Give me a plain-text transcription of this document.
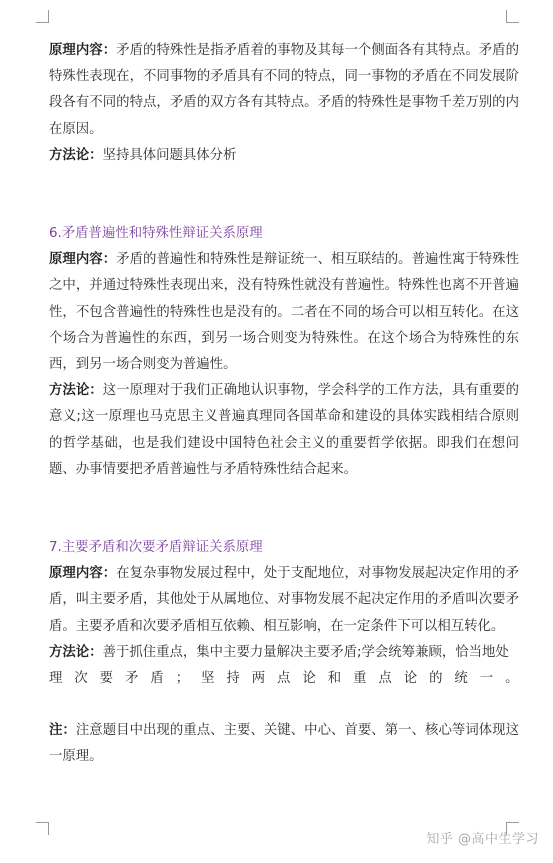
原理内容：矛盾的特殊性是指矛盾着的事物及其每一个侧面各有其特点。矛盾的特殊性表现在，不同事物的矛盾具有不同的特点，同一事物的矛盾在不同发展阶段各有不同的特点，矛盾的双方各有其特点。矛盾的特殊性是事物千差万别的内在原因。

方法论：坚持具体问题具体分析

6.矛盾普遍性和特殊性辩证关系原理

原理内容：矛盾的普遍性和特殊性是辩证统一、相互联结的。普遍性寓于特殊性之中，并通过特殊性表现出来，没有特殊性就没有普遍性。特殊性也离不开普遍性，不包含普遍性的特殊性也是没有的。二者在不同的场合可以相互转化。在这个场合为普遍性的东西，到另一场合则变为特殊性。在这个场合为特殊性的东西，到另一场合则变为普遍性。

方法论：这一原理对于我们正确地认识事物，学会科学的工作方法，具有重要的意义;这一原理也马克思主义普遍真理同各国革命和建设的具体实践相结合原则的哲学基础，也是我们建设中国特色社会主义的重要哲学依据。即我们在想问题、办事情要把矛盾普遍性与矛盾特殊性结合起来。

7.主要矛盾和次要矛盾辩证关系原理

原理内容：在复杂事物发展过程中，处于支配地位，对事物发展起决定作用的矛盾，叫主要矛盾，其他处于从属地位、对事物发展不起决定作用的矛盾叫次要矛盾。主要矛盾和次要矛盾相互依赖、相互影响，在一定条件下可以相互转化。

方法论：善于抓住重点，集中主要力量解决主要矛盾;学会统筹兼顾，恰当地处

理次要矛盾；坚持两点论和重点论的统一。

注：注意题目中出现的重点、主要、关键、中心、首要、第一、核心等词体现这一原理。

知乎 @高中生学习
